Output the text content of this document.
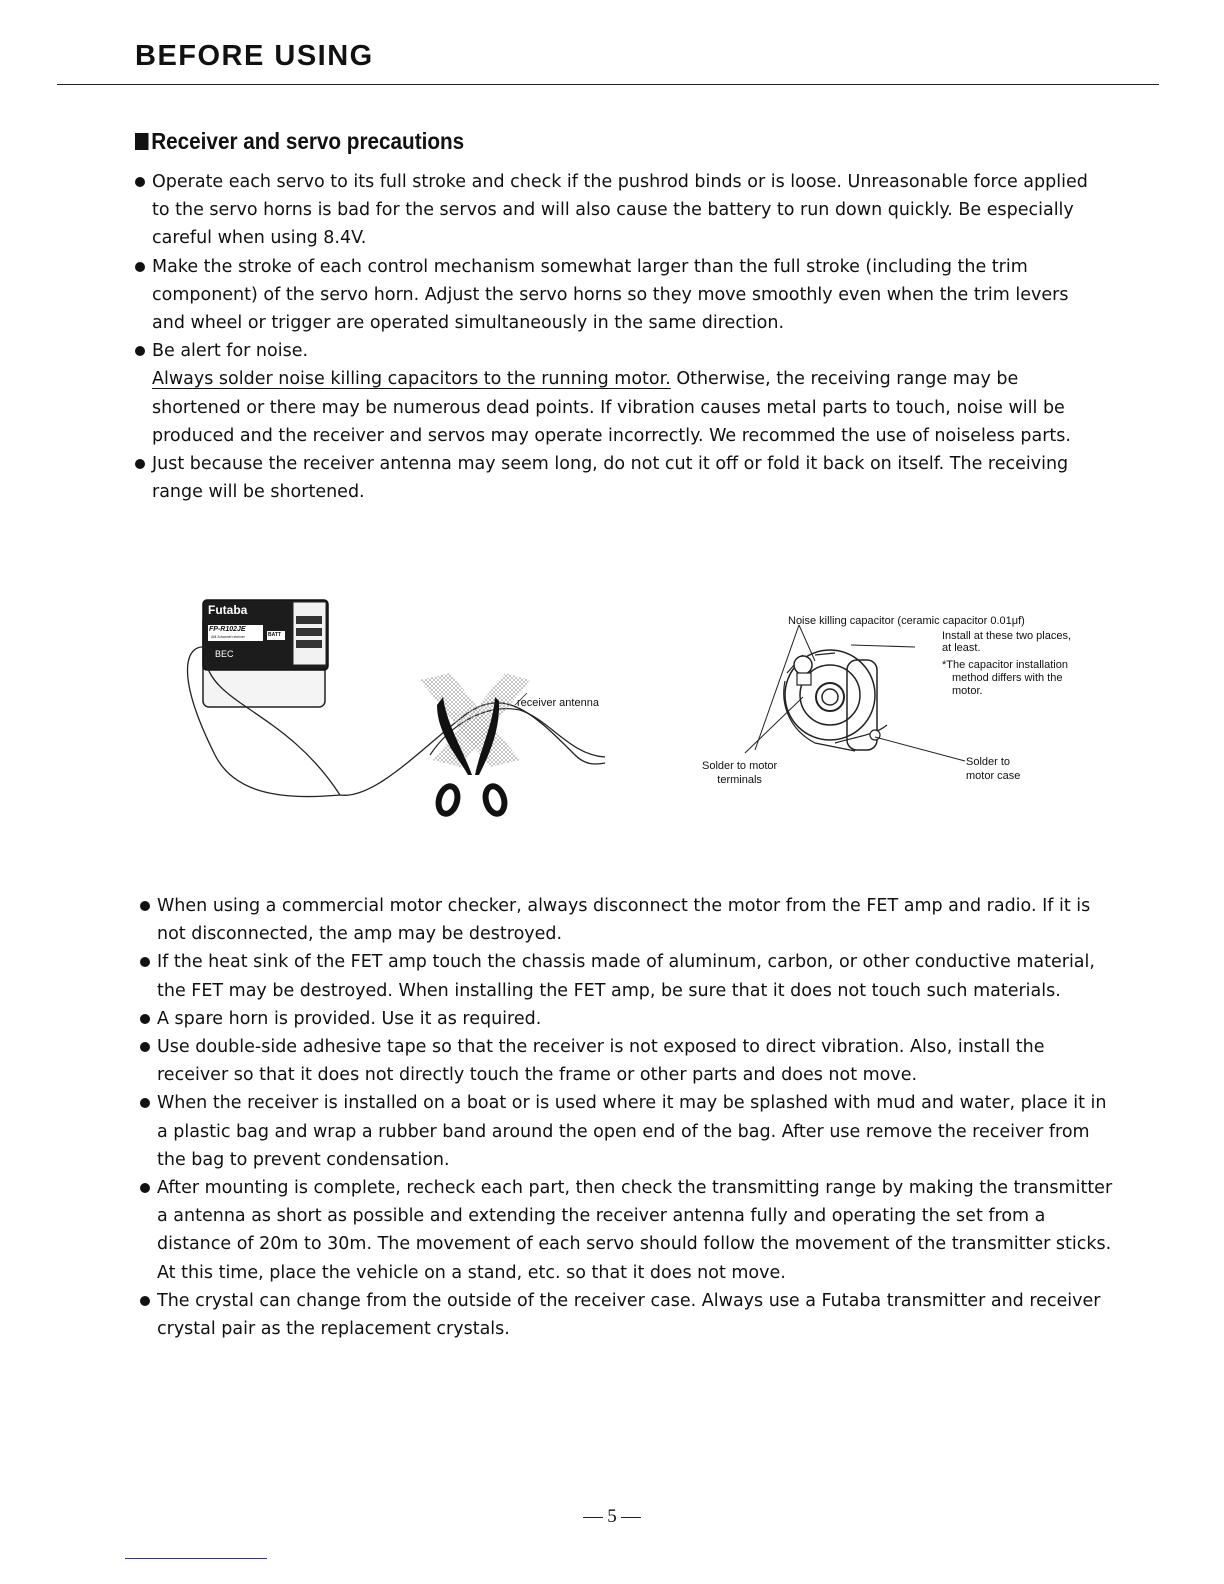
BEFORE USING
Receiver and servo precautions
Operate each servo to its full stroke and check if the pushrod binds or is loose. Unreasonable force applied to the servo horns is bad for the servos and will also cause the battery to run down quickly. Be especially careful when using 8.4V.
Make the stroke of each control mechanism somewhat larger than the full stroke (including the trim component) of the servo horn. Adjust the servo horns so they move smoothly even when the trim levers and wheel or trigger are operated simultaneously in the same direction.
Be alert for noise.
Always solder noise killing capacitors to the running motor. Otherwise, the receiving range may be shortened or there may be numerous dead points. If vibration causes metal parts to touch, noise will be produced and the receiver and servos may operate incorrectly. We recommed the use of noiseless parts.
Just because the receiver antenna may seem long, do not cut it off or fold it back on itself. The receiving range will be shortened.
Futaba
FP-R102JE
AM 2channel receiver	BATT
BEC
receiver antenna
Noise killing capacitor (ceramic capacitor 0.01μf)
Install at these two places,
at least.
*The capacitor installation
method differs with the
motor.
Solder to motor
terminals
Solder to
motor case
When using a commercial motor checker, always disconnect the motor from the FET amp and radio. If it is not disconnected, the amp may be destroyed.
If the heat sink of the FET amp touch the chassis made of aluminum, carbon, or other conductive material, the FET may be destroyed. When installing the FET amp, be sure that it does not touch such materials.
A spare horn is provided. Use it as required.
Use double-side adhesive tape so that the receiver is not exposed to direct vibration. Also, install the receiver so that it does not directly touch the frame or other parts and does not move.
When the receiver is installed on a boat or is used where it may be splashed with mud and water, place it in a plastic bag and wrap a rubber band around the open end of the bag. After use remove the receiver from the bag to prevent condensation.
After mounting is complete, recheck each part, then check the transmitting range by making the transmitter a antenna as short as possible and extending the receiver antenna fully and operating the set from a distance of 20m to 30m. The movement of each servo should follow the movement of the transmitter sticks. At this time, place the vehicle on a stand, etc. so that it does not move.
The crystal can change from the outside of the receiver case. Always use a Futaba transmitter and receiver crystal pair as the replacement crystals.
5
